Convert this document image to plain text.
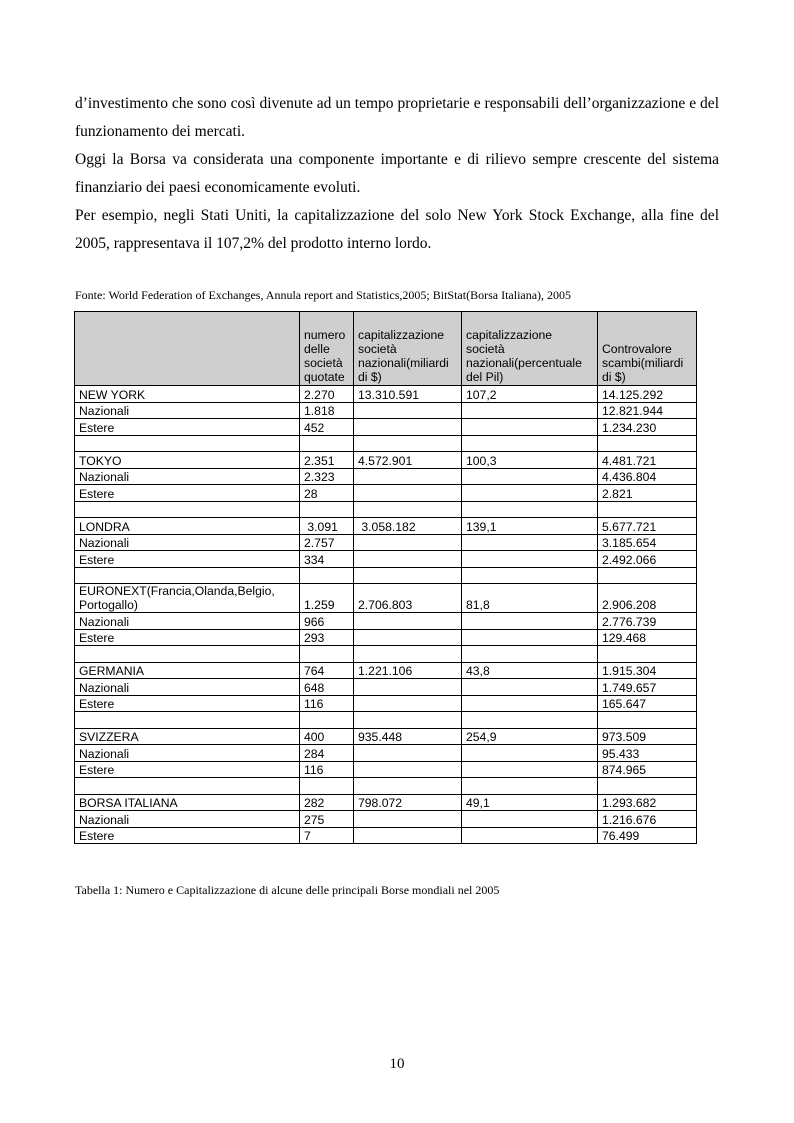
d’investimento che sono così divenute ad un tempo proprietarie e responsabili dell’organizzazione e del funzionamento dei mercati.

Oggi la Borsa va considerata una componente importante e di rilievo sempre crescente del sistema finanziario dei paesi economicamente evoluti.

Per esempio, negli Stati Uniti, la capitalizzazione del solo New York Stock Exchange, alla fine del 2005, rappresentava il 107,2% del prodotto interno lordo.

Fonte: World Federation of Exchanges, Annula report and Statistics,2005; BitStat(Borsa Italiana), 2005

	numero delle società quotate	capitalizzazione società nazionali(miliardi di $)	capitalizzazione società nazionali(percentuale del Pil)	Controvalore scambi(miliardi di $)
NEW YORK	2.270	13.310.591	107,2	14.125.292
Nazionali	1.818			12.821.944
Estere	452			1.234.230

TOKYO	2.351	4.572.901	100,3	4.481.721
Nazionali	2.323			4.436.804
Estere	28			2.821

LONDRA	3.091	3.058.182	139,1	5.677.721
Nazionali	2.757			3.185.654
Estere	334			2.492.066

EURONEXT(Francia,Olanda,Belgio, Portogallo)	1.259	2.706.803	81,8	2.906.208
Nazionali	966			2.776.739
Estere	293			129.468

GERMANIA	764	1.221.106	43,8	1.915.304
Nazionali	648			1.749.657
Estere	116			165.647

SVIZZERA	400	935.448	254,9	973.509
Nazionali	284			95.433
Estere	116			874.965

BORSA ITALIANA	282	798.072	49,1	1.293.682
Nazionali	275			1.216.676
Estere	7			76.499

Tabella 1: Numero e Capitalizzazione di alcune delle principali Borse mondiali nel 2005

10
